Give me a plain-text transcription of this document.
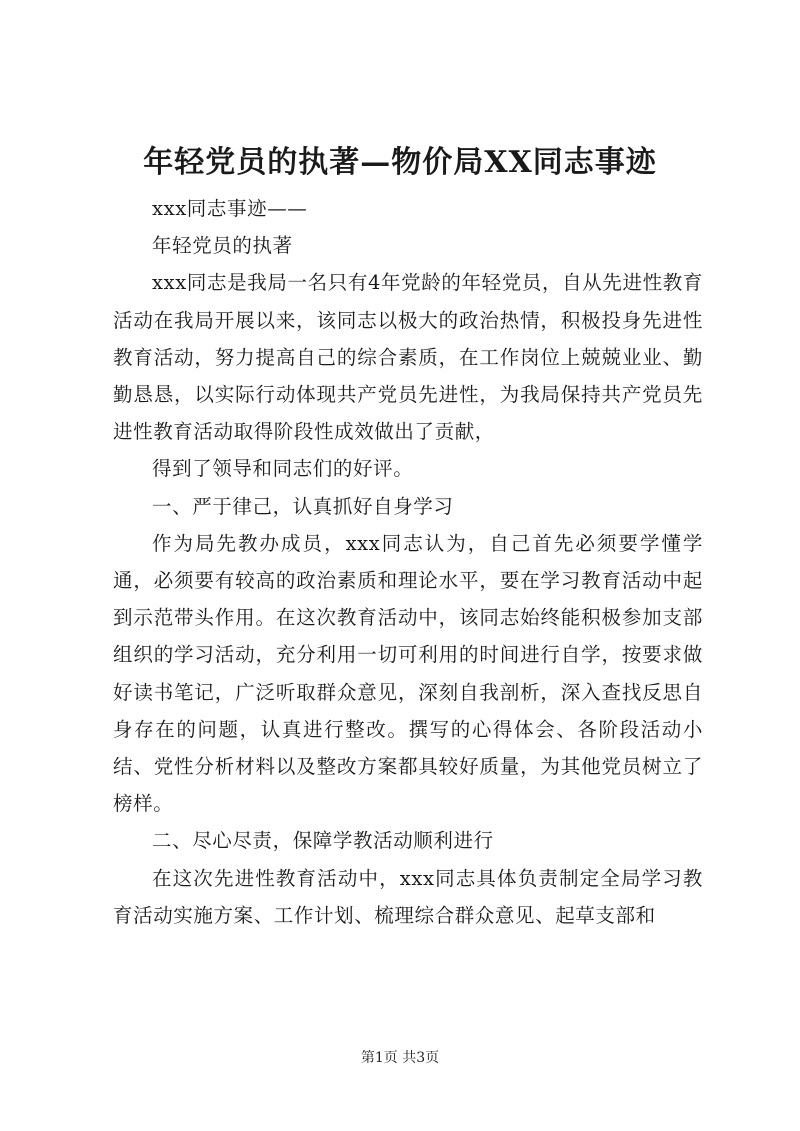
年轻党员的执著—物价局XX同志事迹

xxx同志事迹——

年轻党员的执著

xxx同志是我局一名只有4年党龄的年轻党员，自从先进性教育活动在我局开展以来，该同志以极大的政治热情，积极投身先进性教育活动，努力提高自己的综合素质，在工作岗位上兢兢业业、勤勤恳恳，以实际行动体现共产党员先进性，为我局保持共产党员先进性教育活动取得阶段性成效做出了贡献，

得到了领导和同志们的好评。

一、严于律己，认真抓好自身学习

作为局先教办成员，xxx同志认为，自己首先必须要学懂学通，必须要有较高的政治素质和理论水平，要在学习教育活动中起到示范带头作用。在这次教育活动中，该同志始终能积极参加支部组织的学习活动，充分利用一切可利用的时间进行自学，按要求做好读书笔记，广泛听取群众意见，深刻自我剖析，深入查找反思自身存在的问题，认真进行整改。撰写的心得体会、各阶段活动小结、党性分析材料以及整改方案都具较好质量，为其他党员树立了榜样。

二、尽心尽责，保障学教活动顺利进行

在这次先进性教育活动中，xxx同志具体负责制定全局学习教育活动实施方案、工作计划、梳理综合群众意见、起草支部和

第1页 共3页
